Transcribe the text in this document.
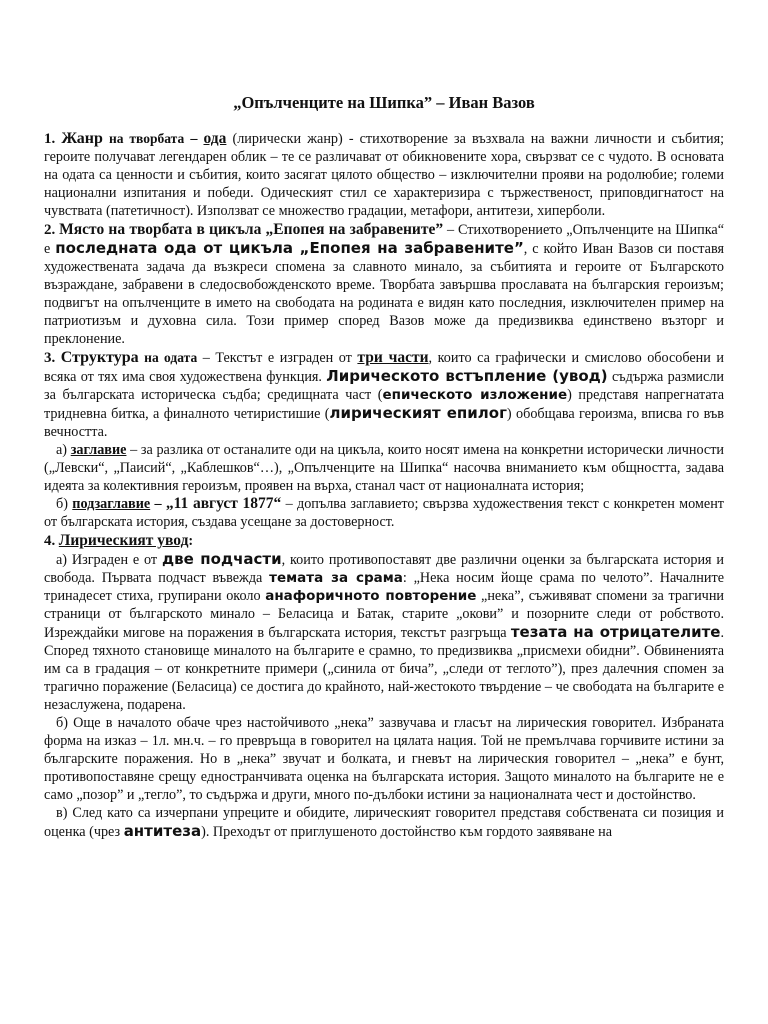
„Опълченците на Шипка” – Иван Вазов

1. Жанр на творбата – ода (лирически жанр) - стихотворение за възхвала на важни личности и събития; героите получават легендарен облик – те се различават от обикновените хора, свързват се с чудото. В основата на одата са ценности и събития, които засягат цялото общество – изключителни прояви на родолюбие; големи национални изпитания и победи. Одическият стил се характеризира с тържественост, приповдигнатост на чувствата (патетичност). Използват се множество градации, метафори, антитези, хиперболи.

2. Място на творбата в цикъла „Епопея на забравените” – Стихотворението „Опълченците на Шипка“ е последната ода от цикъла „Епопея на забравените”, с който Иван Вазов си поставя художествената задача да възкреси спомена за славното минало, за събитията и героите от Българското възраждане, забравени в следосвобожденското време. Творбата завършва прославата на българския героизъм; подвигът на опълченците в името на свободата на родината е видян като последния, изключителен пример на патриотизъм и духовна сила. Този пример според Вазов може да предизвиква единствено възторг и преклонение.

3. Структура на одата – Текстът е изграден от три части, които са графически и смислово обособени и всяка от тях има своя художествена функция. Лирическото встъпление (увод) съдържа размисли за българската историческа съдба; средищната част (епическото изложение) представя напрегнатата тридневна битка, а финалното четиристишие (лирическият епилог) обобщава героизма, вписва го във вечността.

а) заглавие – за разлика от останалите оди на цикъла, които носят имена на конкретни исторически личности („Левски“, „Паисий“, „Каблешков“…), „Опълченците на Шипка“ насочва вниманието към общността, задава идеята за колективния героизъм, проявен на върха, станал част от националната история;

б) подзаглавие – „11 август 1877“ – допълва заглавието; свързва художествения текст с конкретен момент от българската история, създава усещане за достоверност.

4. Лирическият увод:

а) Изграден е от две подчасти, които противопоставят две различни оценки за българската история и свобода. Първата подчаст въвежда темата за срама: „Нека носим йоще срама по челото”. Началните тринадесет стиха, групирани около анафоричното повторение „нека”, съживяват спомени за трагични страници от българското минало – Беласица и Батак, старите „окови” и позорните следи от робството. Изреждайки мигове на поражения в българската история, текстът разгръща тезата на отрицателите. Според тяхното становище миналото на българите е срамно, то предизвиква „присмехи обидни”. Обвиненията им са в градация – от конкретните примери („синила от бича”, „следи от теглото”), през далечния спомен за трагично поражение (Беласица) се достига до крайното, най-жестокото твърдение – че свободата на българите е незаслужена, подарена.

б) Още в началото обаче чрез настойчивото „нека” зазвучава и гласът на лирическия говорител. Избраната форма на изказ – 1л. мн.ч. – го превръща в говорител на цялата нация. Той не премълчава горчивите истини за българските поражения. Но в „нека” звучат и болката, и гневът на лирическия говорител – „нека” е бунт, противопоставяне срещу едностранчивата оценка на българската история. Защото миналото на българите не е само „позор” и „тегло”, то съдържа и други, много по-дълбоки истини за националната чест и достойнство.

в) След като са изчерпани упреците и обидите, лирическият говорител представя собствената си позиция и оценка (чрез антитеза). Преходът от приглушеното достойнство към гордото заявяване на
